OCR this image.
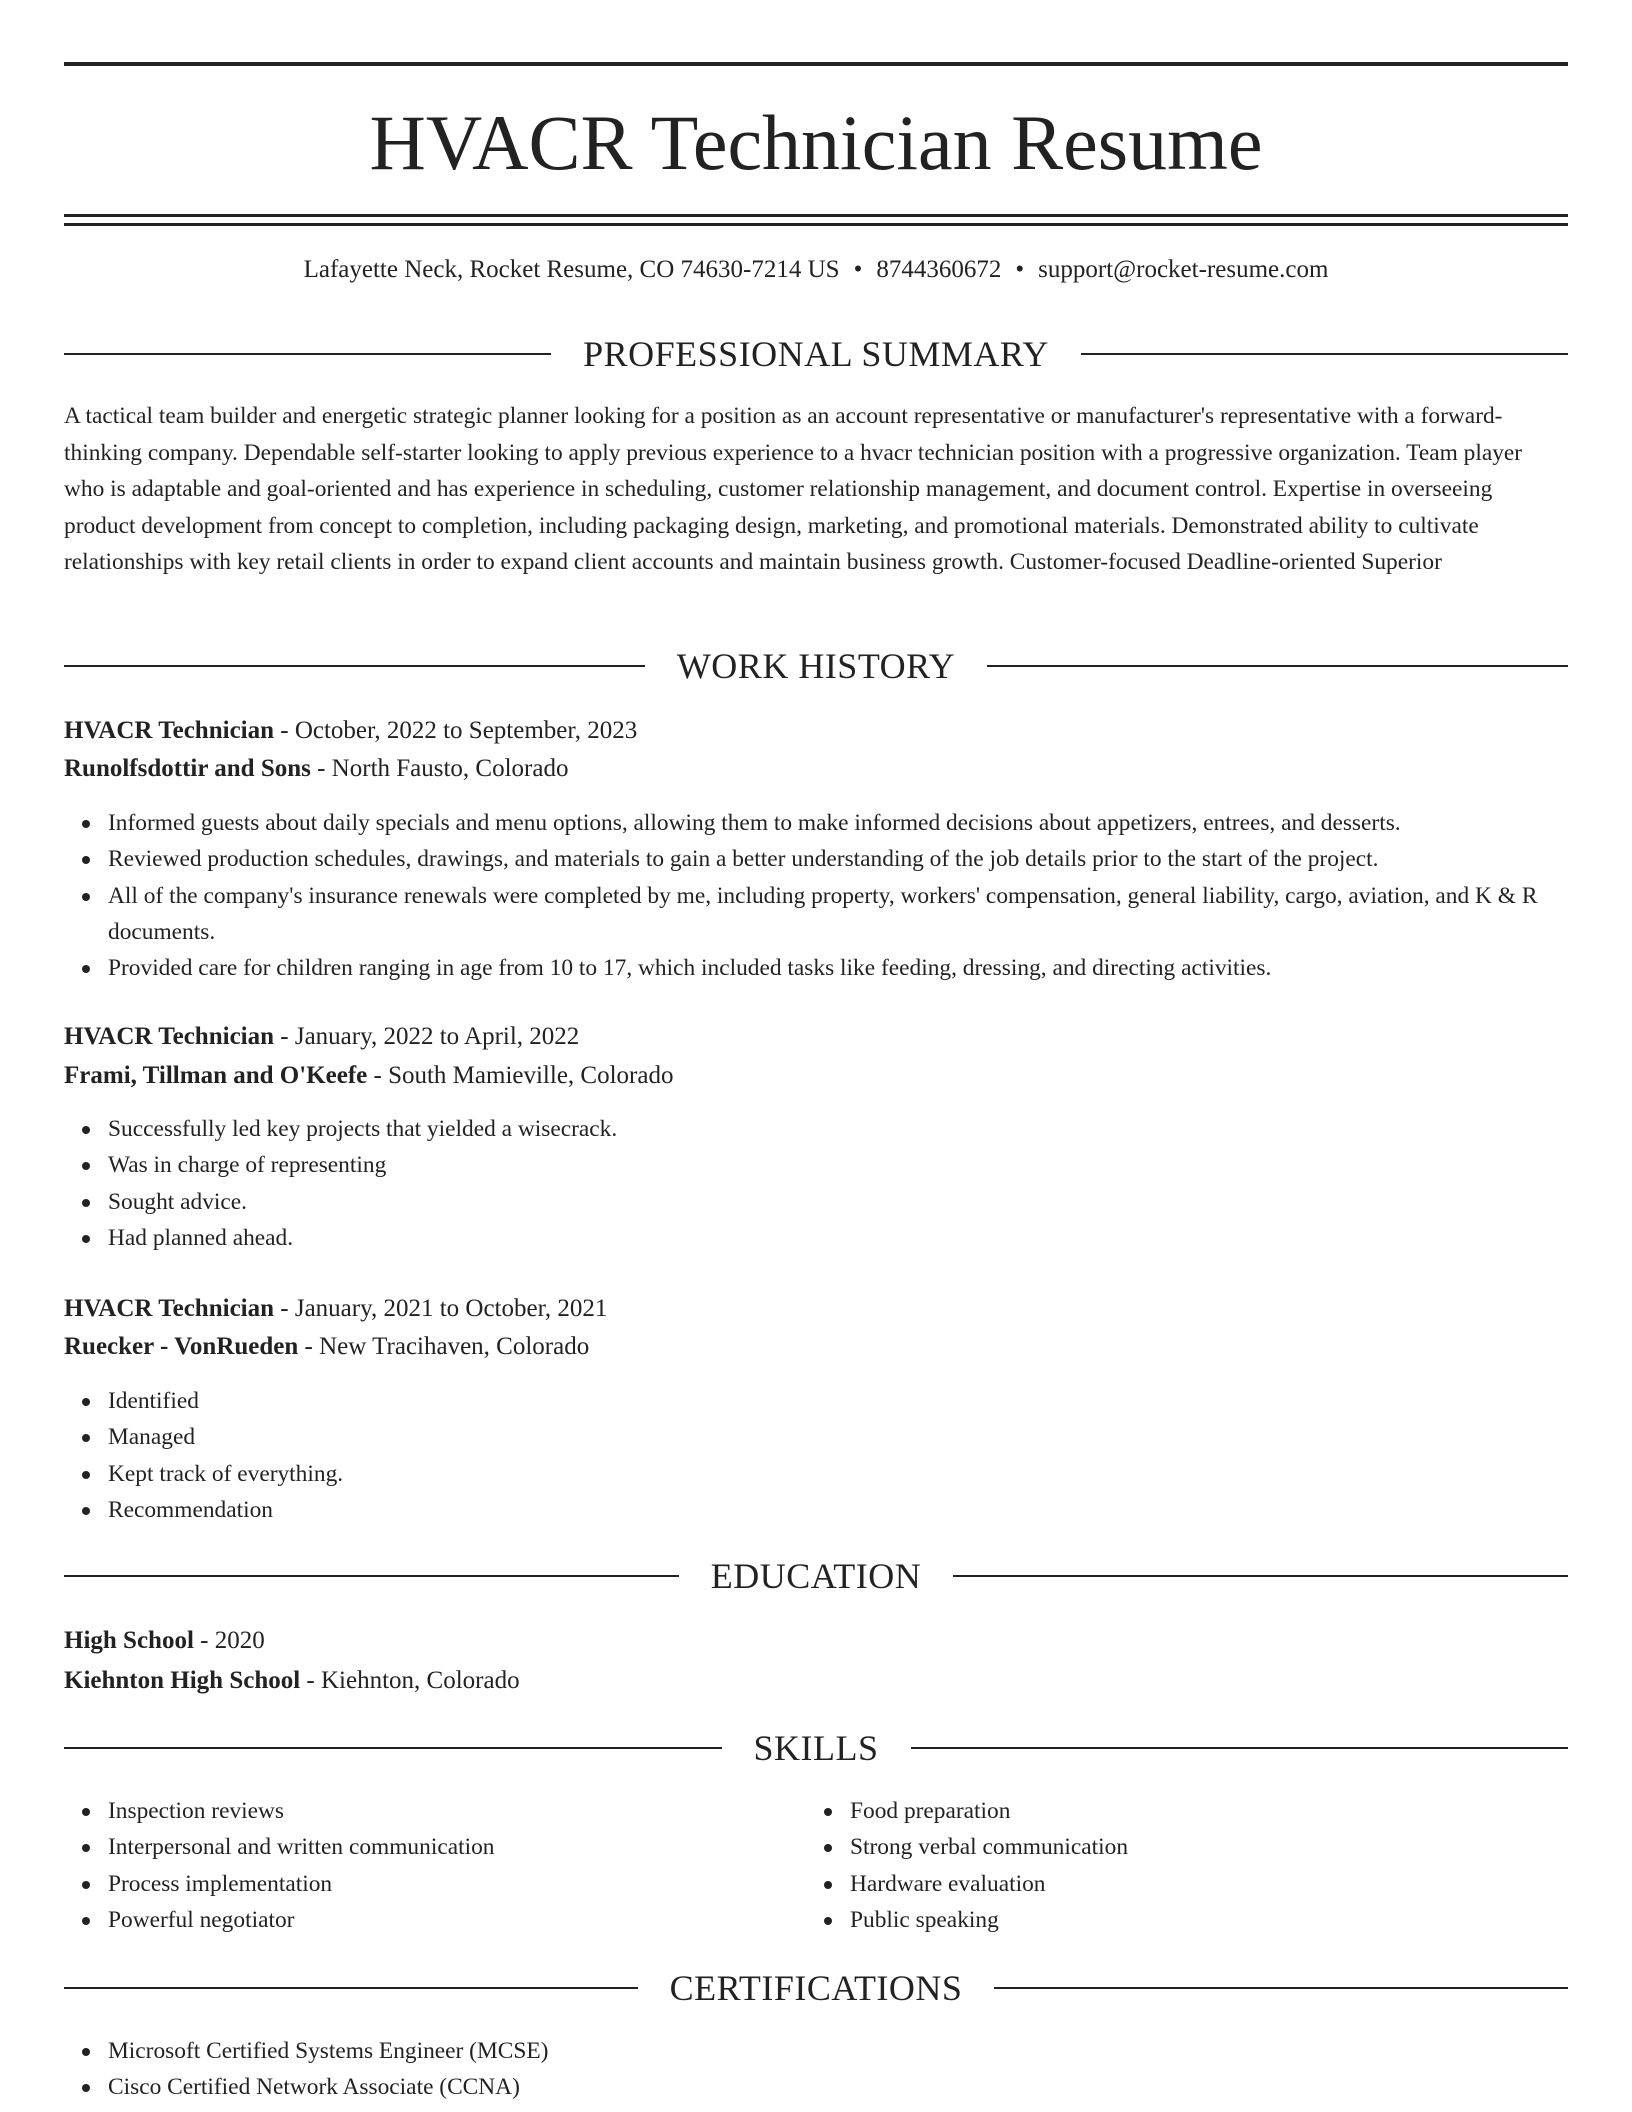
HVACR Technician Resume
Lafayette Neck, Rocket Resume, CO 74630-7214 US • 8744360672 • support@rocket-resume.com
PROFESSIONAL SUMMARY

A tactical team builder and energetic strategic planner looking for a position as an account representative or manufacturer's representative with a forward-thinking company. Dependable self-starter looking to apply previous experience to a hvacr technician position with a progressive organization. Team player who is adaptable and goal-oriented and has experience in scheduling, customer relationship management, and document control. Expertise in overseeing product development from concept to completion, including packaging design, marketing, and promotional materials. Demonstrated ability to cultivate relationships with key retail clients in order to expand client accounts and maintain business growth. Customer-focused Deadline-oriented Superior

WORK HISTORY
HVACR Technician - October, 2022 to September, 2023
Runolfsdottir and Sons - North Fausto, Colorado
Informed guests about daily specials and menu options, allowing them to make informed decisions about appetizers, entrees, and desserts.
Reviewed production schedules, drawings, and materials to gain a better understanding of the job details prior to the start of the project.
All of the company's insurance renewals were completed by me, including property, workers' compensation, general liability, cargo, aviation, and K & R documents.
Provided care for children ranging in age from 10 to 17, which included tasks like feeding, dressing, and directing activities.
HVACR Technician - January, 2022 to April, 2022
Frami, Tillman and O'Keefe - South Mamieville, Colorado
Successfully led key projects that yielded a wisecrack.
Was in charge of representing
Sought advice.
Had planned ahead.
HVACR Technician - January, 2021 to October, 2021
Ruecker - VonRueden - New Tracihaven, Colorado
Identified
Managed
Kept track of everything.
Recommendation
EDUCATION
High School - 2020
Kiehnton High School - Kiehnton, Colorado
SKILLS
Inspection reviews
Interpersonal and written communication
Process implementation
Powerful negotiator
Food preparation
Strong verbal communication
Hardware evaluation
Public speaking
CERTIFICATIONS
Microsoft Certified Systems Engineer (MCSE)
Cisco Certified Network Associate (CCNA)
